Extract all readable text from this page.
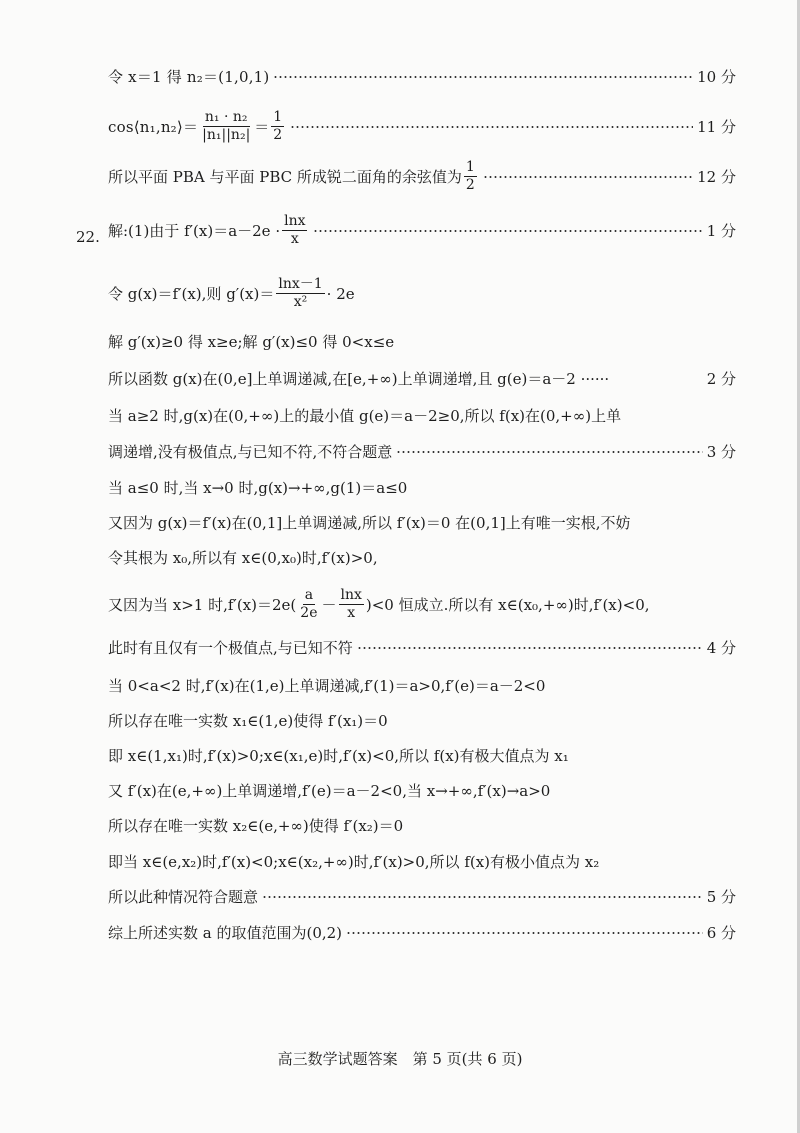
令 x＝1 得 n₂＝(1,0,1)	10 分
cos⟨n₁,n₂⟩＝ $\frac{\text{n₁ · n₂}}{\text{|n₁||n₂|}} = \frac{1}{2}$	11 分
所以平面 PBA 与平面 PBC 所成锐二面角的余弦值为 $\frac{1}{2}$	12 分
22. 解:(1)由于 $f'(x)=a-2e \cdot \frac{\ln x}{x}$	1 分
令 g(x)＝f′(x),则 $g'(x)= \frac{\ln x-1}{\text{x²}} \cdot 2e$
解 g′(x)≥0 得 x≥e;解 g′(x)≤0 得 0<x≤e
所以函数 g(x)在(0,e]上单调递减,在[e,+∞)上单调递增,且 g(e)＝a－2 ······	2 分
当 a≥2 时,g(x)在(0,+∞)上的最小值 g(e)＝a－2≥0,所以 f(x)在(0,+∞)上单
调递增,没有极值点,与已知不符,不符合题意	3 分
当 a≤0 时,当 x→0 时,g(x)→+∞,g(1)＝a≤0
又因为 g(x)＝f′(x)在(0,1]上单调递减,所以 f′(x)＝0 在(0,1]上有唯一实根,不妨
令其根为 x₀,所以有 x∈(0,x₀)时,f′(x)>0,
又因为当 x>1 时$,f'(x)=2e( \frac{a}{2e} - \frac{\ln x}{x} )<0$ 恒成立.所以有 x∈(x₀,+∞)时,f′(x)<0,
此时有且仅有一个极值点,与已知不符	4 分
当 0<a<2 时,f′(x)在(1,e)上单调递减,f′(1)＝a>0,f′(e)＝a－2<0
所以存在唯一实数 x₁∈(1,e)使得 f′(x₁)＝0
即 x∈(1,x₁)时,f′(x)>0;x∈(x₁,e)时,f′(x)<0,所以 f(x)有极大值点为 x₁
又 f′(x)在(e,+∞)上单调递增,f′(e)＝a－2<0,当 x→+∞,f′(x)→a>0
所以存在唯一实数 x₂∈(e,+∞)使得 f′(x₂)＝0
即当 x∈(e,x₂)时,f′(x)<0;x∈(x₂,+∞)时,f′(x)>0,所以 f(x)有极小值点为 x₂
所以此种情况符合题意	5 分
综上所述实数 a 的取值范围为(0,2)	6 分
高三数学试题答案　第 5 页(共 6 页)
